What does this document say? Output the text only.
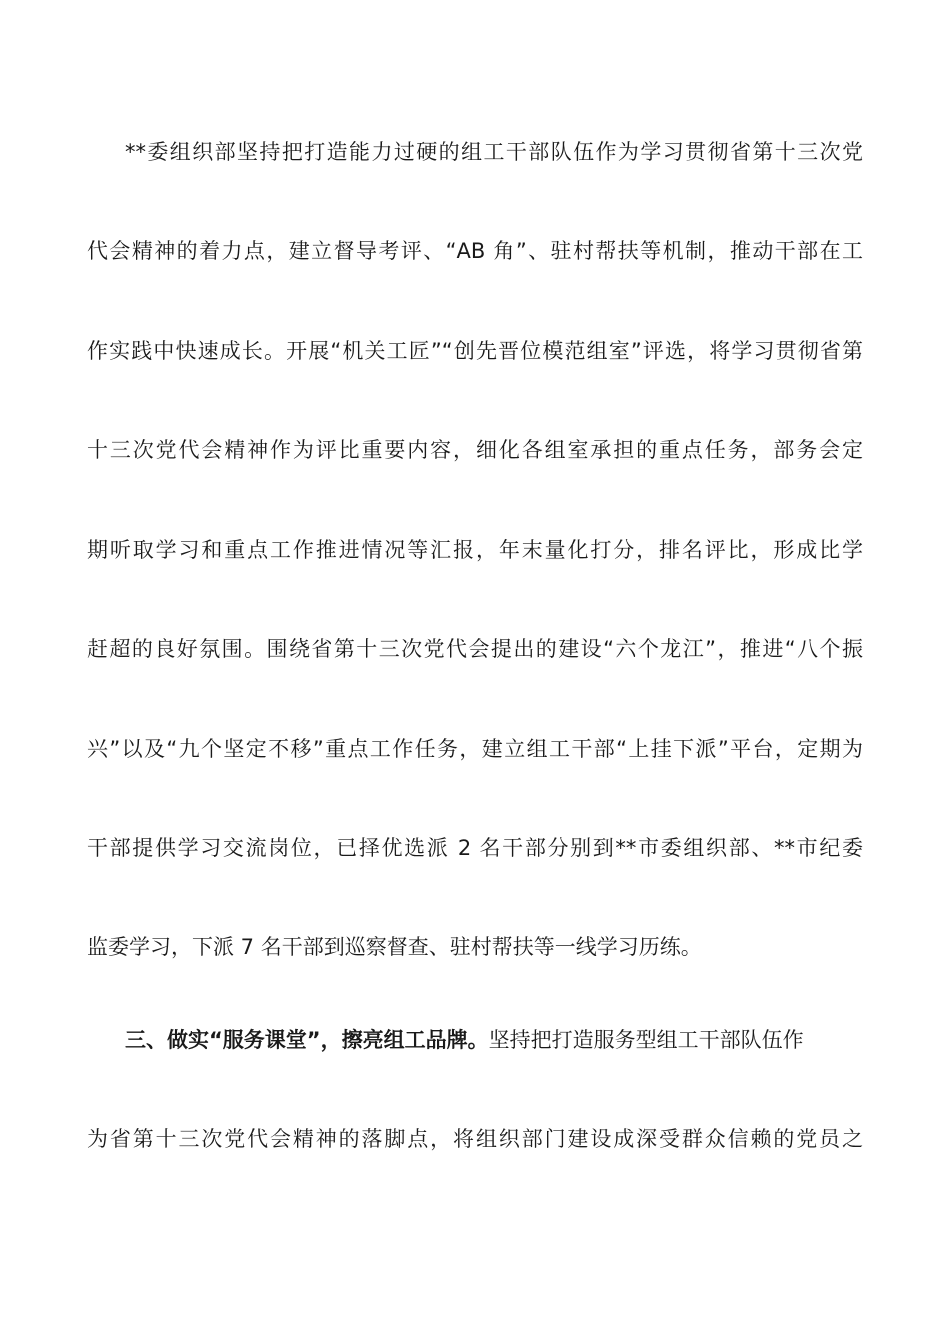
**委组织部坚持把打造能力过硬的组工干部队伍作为学习贯彻省第十三次党
代会精神的着力点，建立督导考评、“AB 角”、驻村帮扶等机制，推动干部在工
作实践中快速成长。开展“机关工匠”“创先晋位模范组室”评选，将学习贯彻省第
十三次党代会精神作为评比重要内容，细化各组室承担的重点任务，部务会定
期听取学习和重点工作推进情况等汇报，年末量化打分，排名评比，形成比学
赶超的良好氛围。围绕省第十三次党代会提出的建设“六个龙江”，推进“八个振
兴”以及“九个坚定不移”重点工作任务，建立组工干部“上挂下派”平台，定期为
干部提供学习交流岗位，已择优选派 2 名干部分别到**市委组织部、**市纪委
监委学习，下派 7 名干部到巡察督查、驻村帮扶等一线学习历练。
三、做实“服务课堂”，擦亮组工品牌。坚持把打造服务型组工干部队伍作
为省第十三次党代会精神的落脚点，将组织部门建设成深受群众信赖的党员之
